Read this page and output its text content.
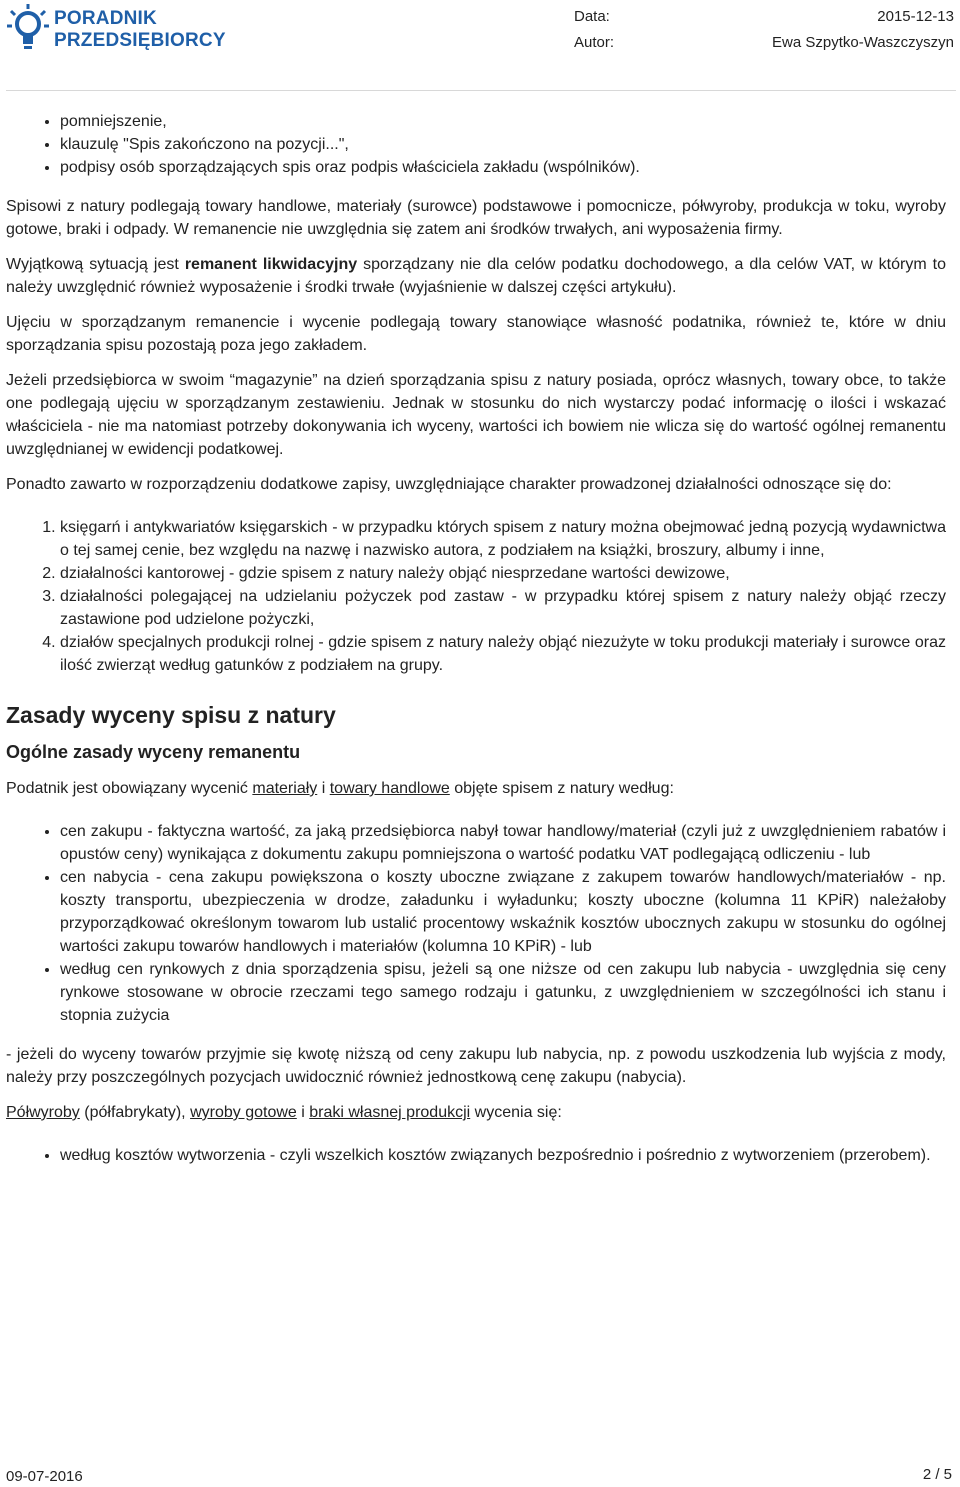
PORADNIK
PRZEDSIĘBIORCY
Data:
Autor:
2015-12-13
Ewa Szpytko-Waszczyszyn
• pomniejszenie,
• klauzulę "Spis zakończono na pozycji...",
• podpisy osób sporządzających spis oraz podpis właściciela zakładu (wspólników).

Spisowi z natury podlegają towary handlowe, materiały (surowce) podstawowe i pomocnicze, półwyroby, produkcja w toku, wyroby gotowe, braki i odpady. W remanencie nie uwzględnia się zatem ani środków trwałych, ani wyposażenia firmy.

Wyjątkową sytuacją jest remanent likwidacyjny sporządzany nie dla celów podatku dochodowego, a dla celów VAT, w którym to należy uwzględnić również wyposażenie i środki trwałe (wyjaśnienie w dalszej części artykułu).

Ujęciu w sporządzanym remanencie i wycenie podlegają towary stanowiące własność podatnika, również te, które w dniu sporządzania spisu pozostają poza jego zakładem.

Jeżeli przedsiębiorca w swoim “magazynie” na dzień sporządzania spisu z natury posiada, oprócz własnych, towary obce, to także one podlegają ujęciu w sporządzanym zestawieniu. Jednak w stosunku do nich wystarczy podać informację o ilości i wskazać właściciela - nie ma natomiast potrzeby dokonywania ich wyceny, wartości ich bowiem nie wlicza się do wartość ogólnej remanentu uwzględnianej w ewidencji podatkowej.

Ponadto zawarto w rozporządzeniu dodatkowe zapisy, uwzględniające charakter prowadzonej działalności odnoszące się do:

1. księgarń i antykwariatów księgarskich - w przypadku których spisem z natury można obejmować jedną pozycją wydawnictwa o tej samej cenie, bez względu na nazwę i nazwisko autora, z podziałem na książki, broszury, albumy i inne,
2. działalności kantorowej - gdzie spisem z natury należy objąć niesprzedane wartości dewizowe,
3. działalności polegającej na udzielaniu pożyczek pod zastaw - w przypadku której spisem z natury należy objąć rzeczy zastawione pod udzielone pożyczki,
4. działów specjalnych produkcji rolnej - gdzie spisem z natury należy objąć niezużyte w toku produkcji materiały i surowce oraz ilość zwierząt według gatunków z podziałem na grupy.
Zasady wyceny spisu z natury
Ogólne zasady wyceny remanentu

Podatnik jest obowiązany wycenić materiały i towary handlowe objęte spisem z natury według:

• cen zakupu - faktyczna wartość, za jaką przedsiębiorca nabył towar handlowy/materiał (czyli już z uwzględnieniem rabatów i opustów ceny) wynikająca z dokumentu zakupu pomniejszona o wartość podatku VAT podlegającą odliczeniu - lub
• cen nabycia - cena zakupu powiększona o koszty uboczne związane z zakupem towarów handlowych/materiałów - np. koszty transportu, ubezpieczenia w drodze, załadunku i wyładunku; koszty uboczne (kolumna 11 KPiR) należałoby przyporządkować określonym towarom lub ustalić procentowy wskaźnik kosztów ubocznych zakupu w stosunku do ogólnej wartości zakupu towarów handlowych i materiałów (kolumna 10 KPiR) - lub
• według cen rynkowych z dnia sporządzenia spisu, jeżeli są one niższe od cen zakupu lub nabycia - uwzględnia się ceny rynkowe stosowane w obrocie rzeczami tego samego rodzaju i gatunku, z uwzględnieniem w szczególności ich stanu i stopnia zużycia

- jeżeli do wyceny towarów przyjmie się kwotę niższą od ceny zakupu lub nabycia, np. z powodu uszkodzenia lub wyjścia z mody, należy przy poszczególnych pozycjach uwidocznić również jednostkową cenę zakupu (nabycia).

Półwyroby (półfabrykaty), wyroby gotowe i braki własnej produkcji wycenia się:

• według kosztów wytworzenia - czyli wszelkich kosztów związanych bezpośrednio i pośrednio z wytworzeniem (przerobem).
09-07-2016	2 / 5
